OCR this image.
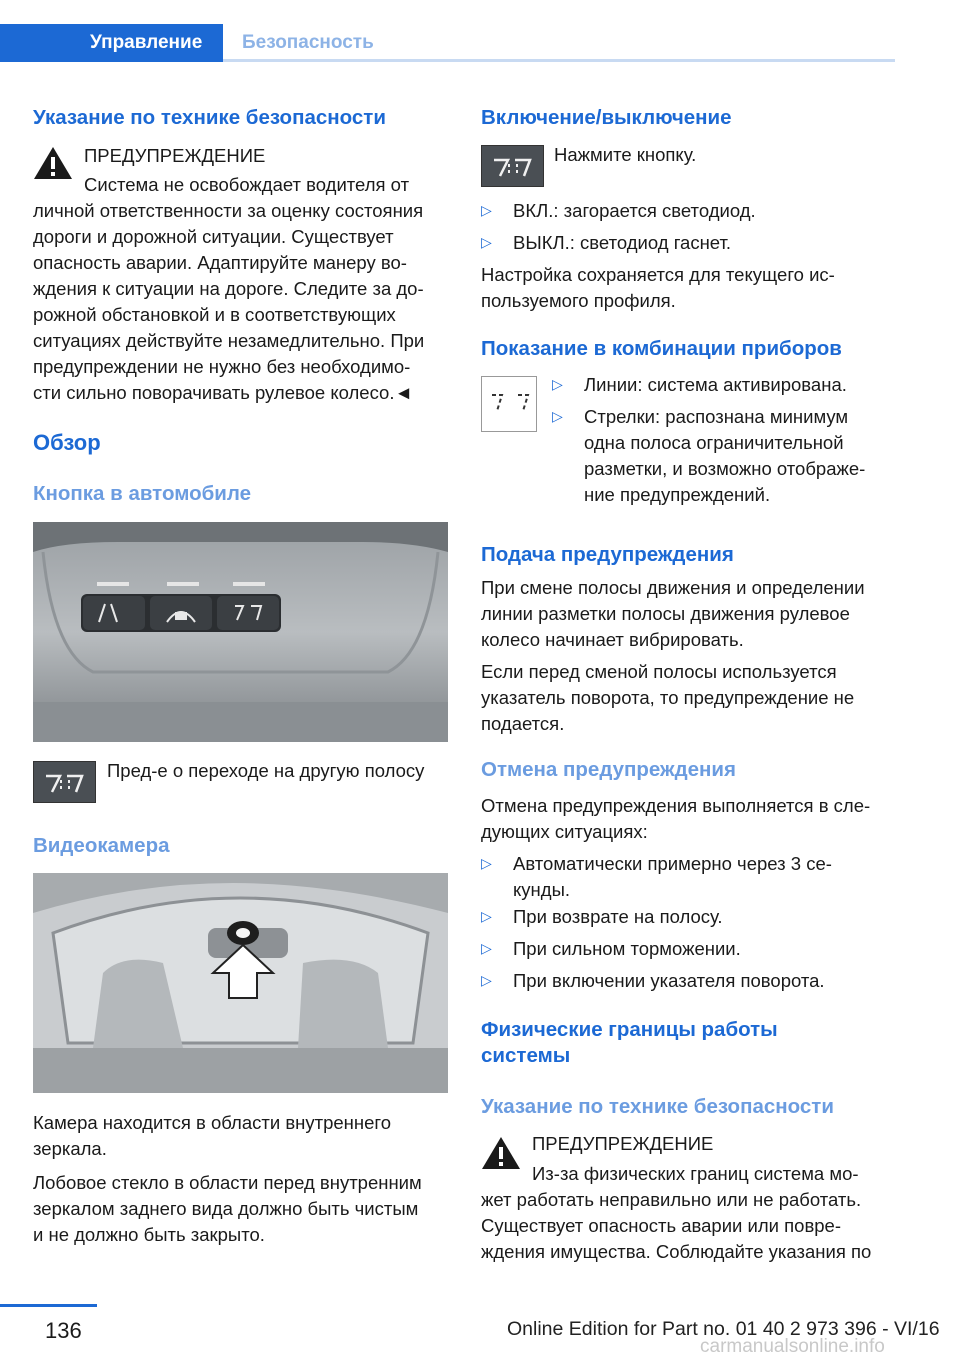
Управление	Безопасность
Указание по технике безопасности
ПРЕДУПРЕЖДЕНИЕ
Система не освобождает водителя от
личной ответственности за оценку состояния
дороги и дорожной ситуации. Существует
опасность аварии. Адаптируйте манеру во-
ждения к ситуации на дороге. Следите за до-
рожной обстановкой и в соответствующих
ситуациях действуйте незамедлительно. При
предупреждении не нужно без необходимо-
сти сильно поворачивать рулевое колесо.◄
Обзор
Кнопка в автомобиле
Пред-е о переходе на другую полосу
Видеокамера
Камера находится в области внутреннего
зеркала.
Лобовое стекло в области перед внутренним
зеркалом заднего вида должно быть чистым
и не должно быть закрыто.
Включение/выключение
Нажмите кнопку.
▷ ВКЛ.: загорается светодиод.
▷ ВЫКЛ.: светодиод гаснет.
Настройка сохраняется для текущего ис-
пользуемого профиля.
Показание в комбинации приборов
▷ Линии: система активирована.
▷ Стрелки: распознана минимум
одна полоса ограничительной
разметки, и возможно отображе-
ние предупреждений.
Подача предупреждения
При смене полосы движения и определении
линии разметки полосы движения рулевое
колесо начинает вибрировать.
Если перед сменой полосы используется
указатель поворота, то предупреждение не
подается.
Отмена предупреждения
Отмена предупреждения выполняется в сле-
дующих ситуациях:
▷ Автоматически примерно через 3 се-
кунды.
▷ При возврате на полосу.
▷ При сильном торможении.
▷ При включении указателя поворота.
Физические границы работы
системы
Указание по технике безопасности
ПРЕДУПРЕЖДЕНИЕ
Из-за физических границ система мо-
жет работать неправильно или не работать.
Существует опасность аварии или повре-
ждения имущества. Соблюдайте указания по
136	Online Edition for Part no. 01 40 2 973 396 - VI/16
carmanualsonline.info
